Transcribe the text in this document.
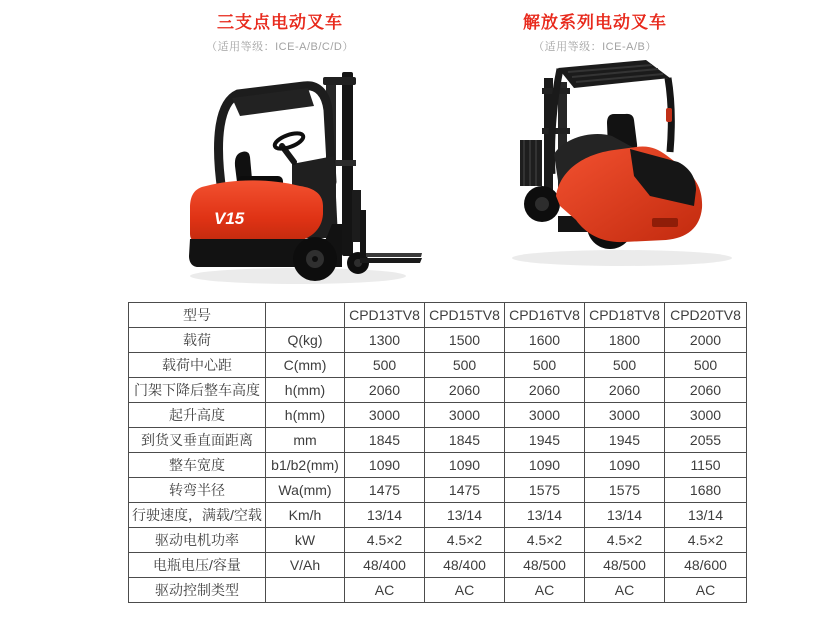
三支点电动叉车
（适用等级：ICE-A/B/C/D）
解放系列电动叉车
（适用等级：ICE-A/B）
V15
型号		CPD13TV8	CPD15TV8	CPD16TV8	CPD18TV8	CPD20TV8
载荷	Q(kg)	1300	1500	1600	1800	2000
载荷中心距	C(mm)	500	500	500	500	500
门架下降后整车高度	h(mm)	2060	2060	2060	2060	2060
起升高度	h(mm)	3000	3000	3000	3000	3000
到货叉垂直面距离	mm	1845	1845	1945	1945	2055
整车宽度	b1/b2(mm)	1090	1090	1090	1090	1150
转弯半径	Wa(mm)	1475	1475	1575	1575	1680
行驶速度，满载/空载	Km/h	13/14	13/14	13/14	13/14	13/14
驱动电机功率	kW	4.5×2	4.5×2	4.5×2	4.5×2	4.5×2
电瓶电压/容量	V/Ah	48/400	48/400	48/500	48/500	48/600
驱动控制类型		AC	AC	AC	AC	AC
